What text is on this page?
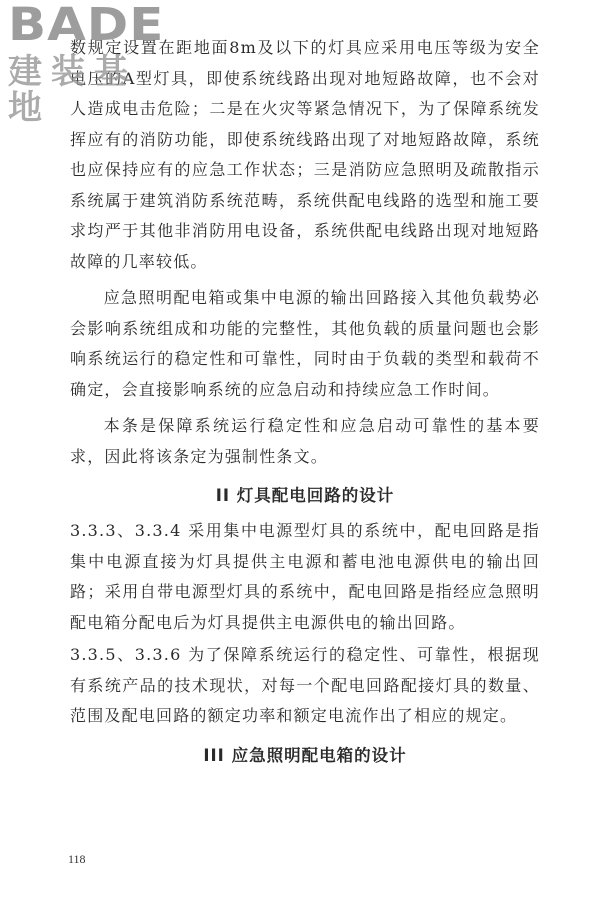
BADE
建装基地

数规定设置在距地面8m及以下的灯具应采用电压等级为安全电压的A型灯具，即使系统线路出现对地短路故障，也不会对人造成电击危险；二是在火灾等紧急情况下，为了保障系统发挥应有的消防功能，即使系统线路出现了对地短路故障，系统也应保持应有的应急工作状态；三是消防应急照明及疏散指示系统属于建筑消防系统范畴，系统供配电线路的选型和施工要求均严于其他非消防用电设备，系统供配电线路出现对地短路故障的几率较低。

应急照明配电箱或集中电源的输出回路接入其他负载势必会影响系统组成和功能的完整性，其他负载的质量问题也会影响系统运行的稳定性和可靠性，同时由于负载的类型和载荷不确定，会直接影响系统的应急启动和持续应急工作时间。

本条是保障系统运行稳定性和应急启动可靠性的基本要求，因此将该条定为强制性条文。

II 灯具配电回路的设计

3.3.3、3.3.4 采用集中电源型灯具的系统中，配电回路是指集中电源直接为灯具提供主电源和蓄电池电源供电的输出回路；采用自带电源型灯具的系统中，配电回路是指经应急照明配电箱分配电后为灯具提供主电源供电的输出回路。

3.3.5、3.3.6 为了保障系统运行的稳定性、可靠性，根据现有系统产品的技术现状，对每一个配电回路配接灯具的数量、范围及配电回路的额定功率和额定电流作出了相应的规定。

III 应急照明配电箱的设计
118
